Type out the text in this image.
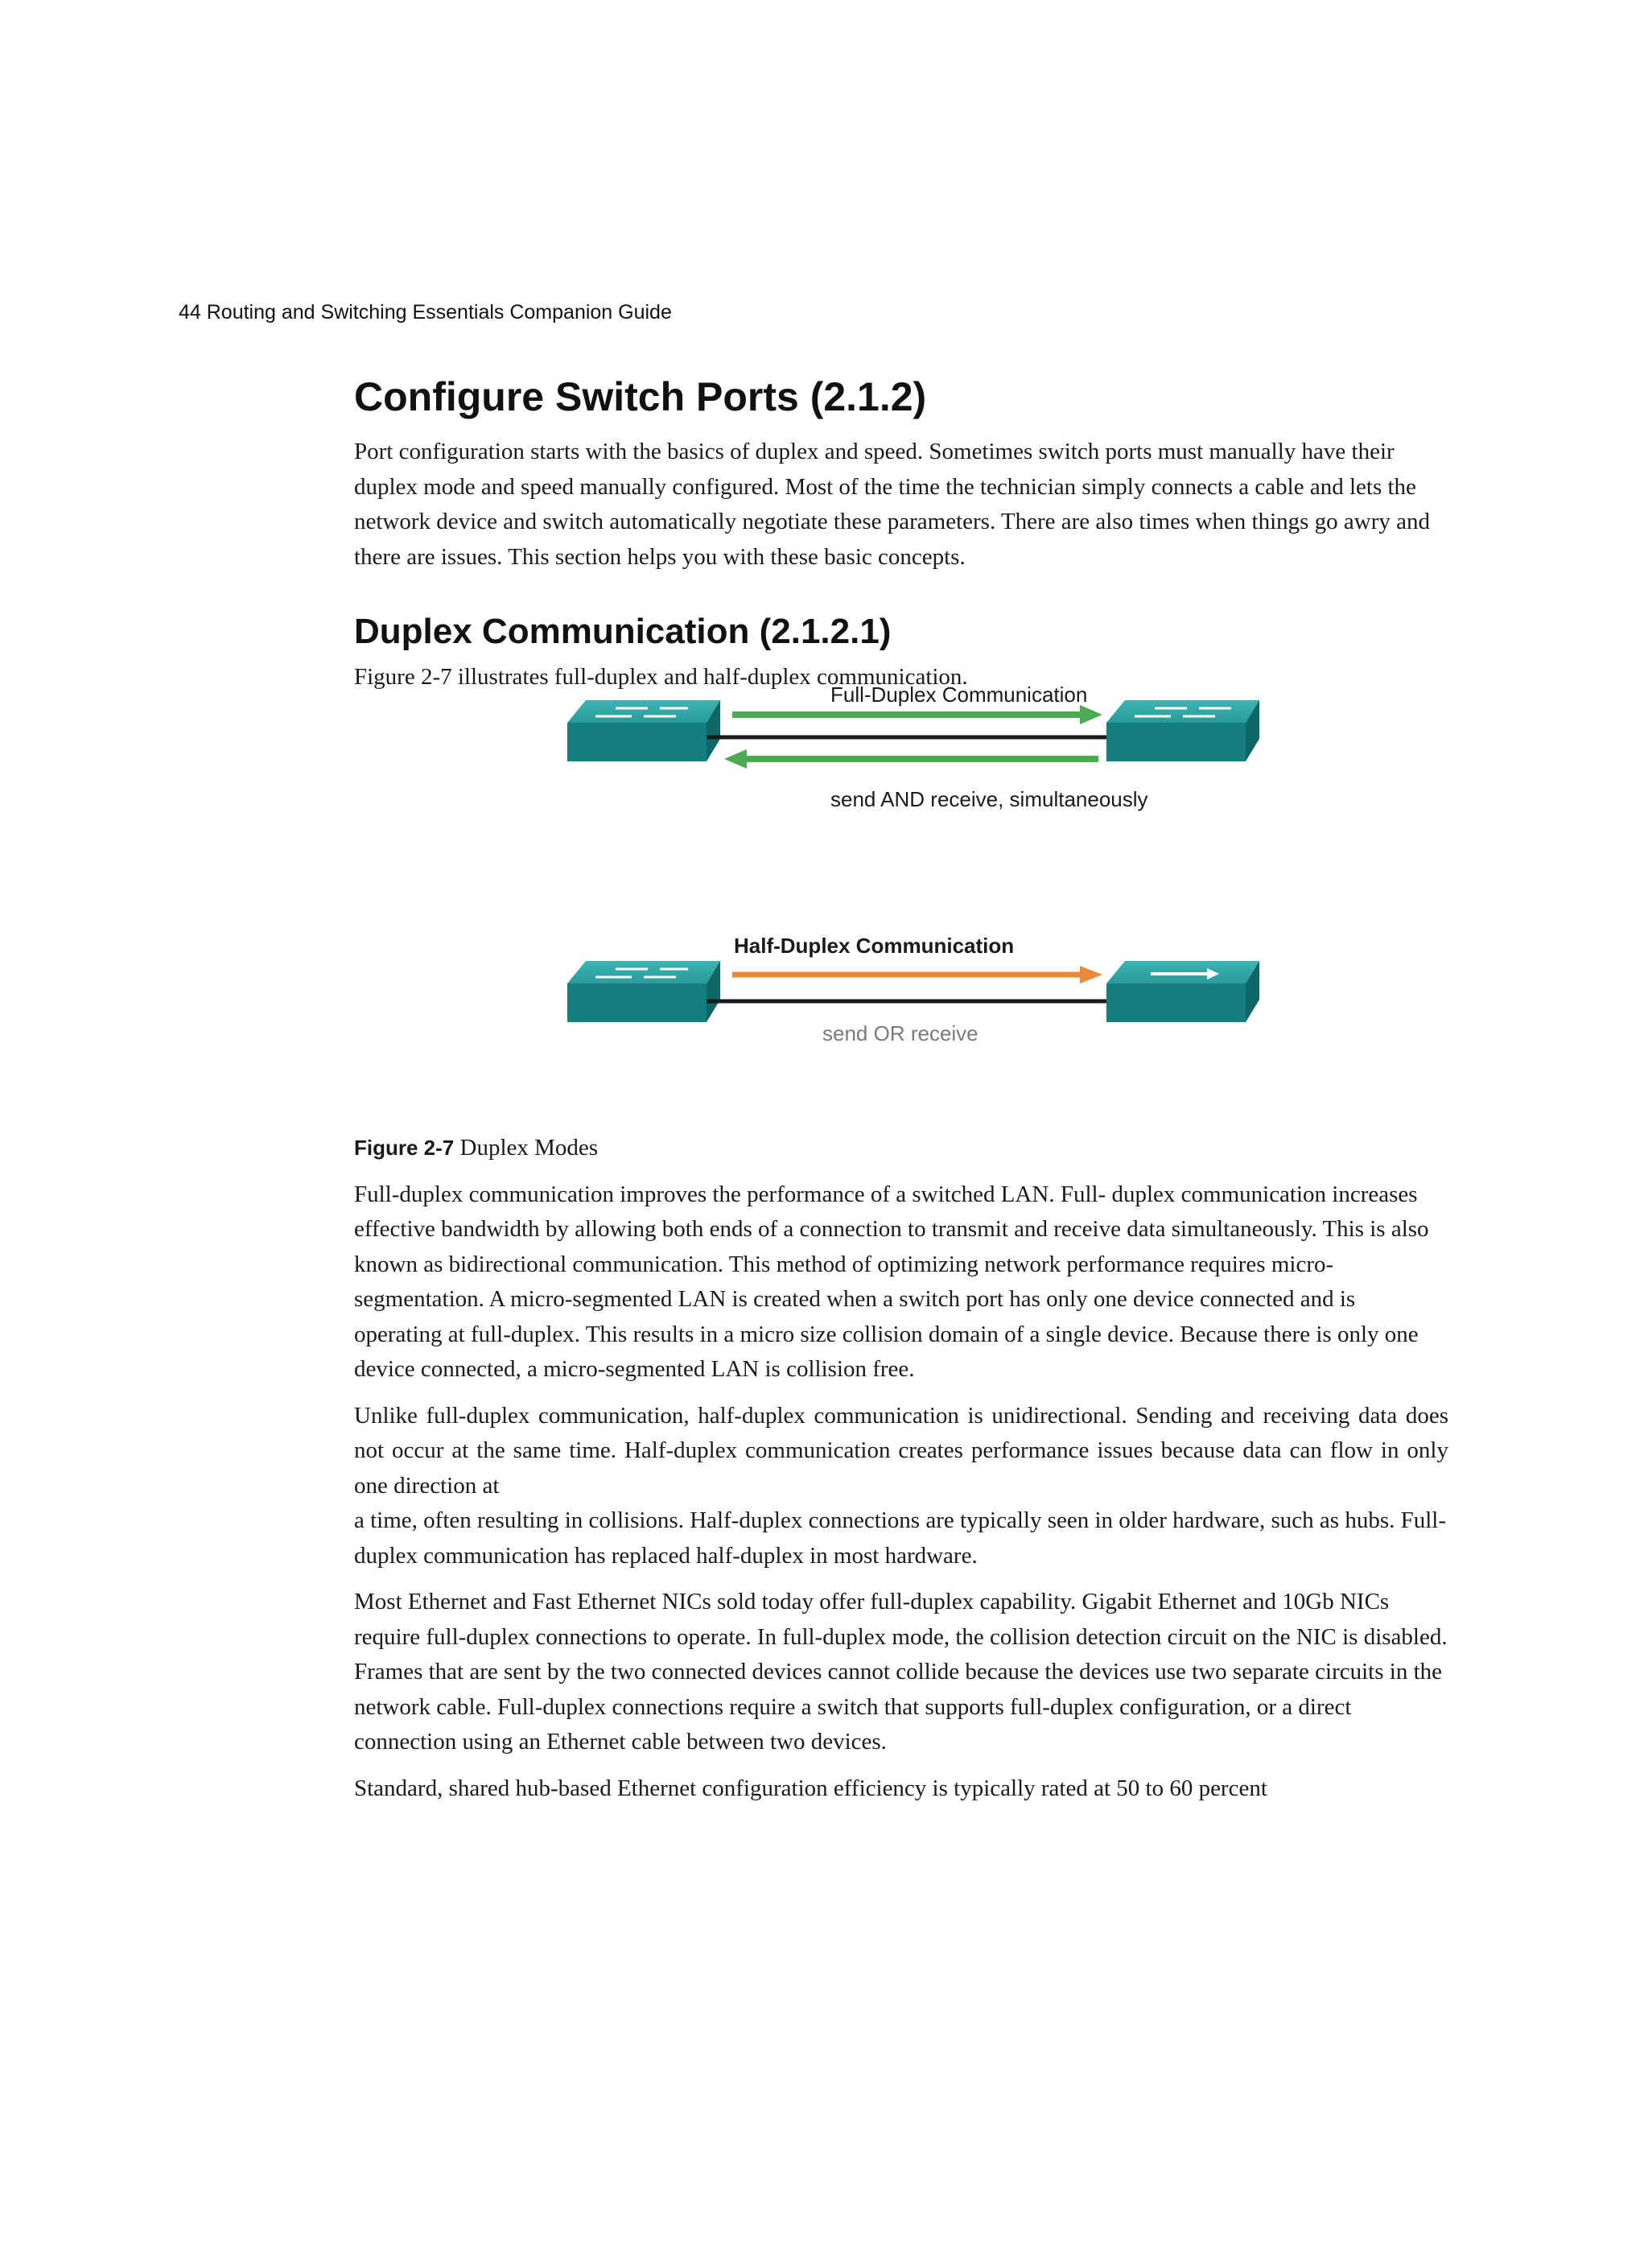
44 Routing and Switching Essentials Companion Guide
Configure Switch Ports (2.1.2)

Port configuration starts with the basics of duplex and speed. Sometimes switch ports must manually have their duplex mode and speed manually configured. Most of the time the technician simply connects a cable and lets the network device and switch automatically negotiate these parameters. There are also times when things go awry and there are issues. This section helps you with these basic concepts.

Duplex Communication (2.1.2.1)

Figure 2-7 illustrates full-duplex and half-duplex communication.

Full-Duplex Communication
send AND receive, simultaneously
Half-Duplex Communication
send OR receive
Figure 2-7 Duplex Modes

Full-duplex communication improves the performance of a switched LAN. Full- duplex communication increases effective bandwidth by allowing both ends of a connection to transmit and receive data simultaneously. This is also known as bidirectional communication. This method of optimizing network performance requires micro-segmentation. A micro-segmented LAN is created when a switch port has only one device connected and is operating at full-duplex. This results in a micro size collision domain of a single device. Because there is only one device connected, a micro-segmented LAN is collision free.

Unlike full-duplex communication, half-duplex communication is unidirectional. Sending and receiving data does not occur at the same time. Half-duplex communication creates performance issues because data can flow in only one direction at

a time, often resulting in collisions. Half-duplex connections are typically seen in older hardware, such as hubs. Full-duplex communication has replaced half-duplex in most hardware.

Most Ethernet and Fast Ethernet NICs sold today offer full-duplex capability. Gigabit Ethernet and 10Gb NICs require full-duplex connections to operate. In full-duplex mode, the collision detection circuit on the NIC is disabled. Frames that are sent by the two connected devices cannot collide because the devices use two separate circuits in the network cable. Full-duplex connections require a switch that supports full-duplex configuration, or a direct connection using an Ethernet cable between two devices.

Standard, shared hub-based Ethernet configuration efficiency is typically rated at 50 to 60 percent
